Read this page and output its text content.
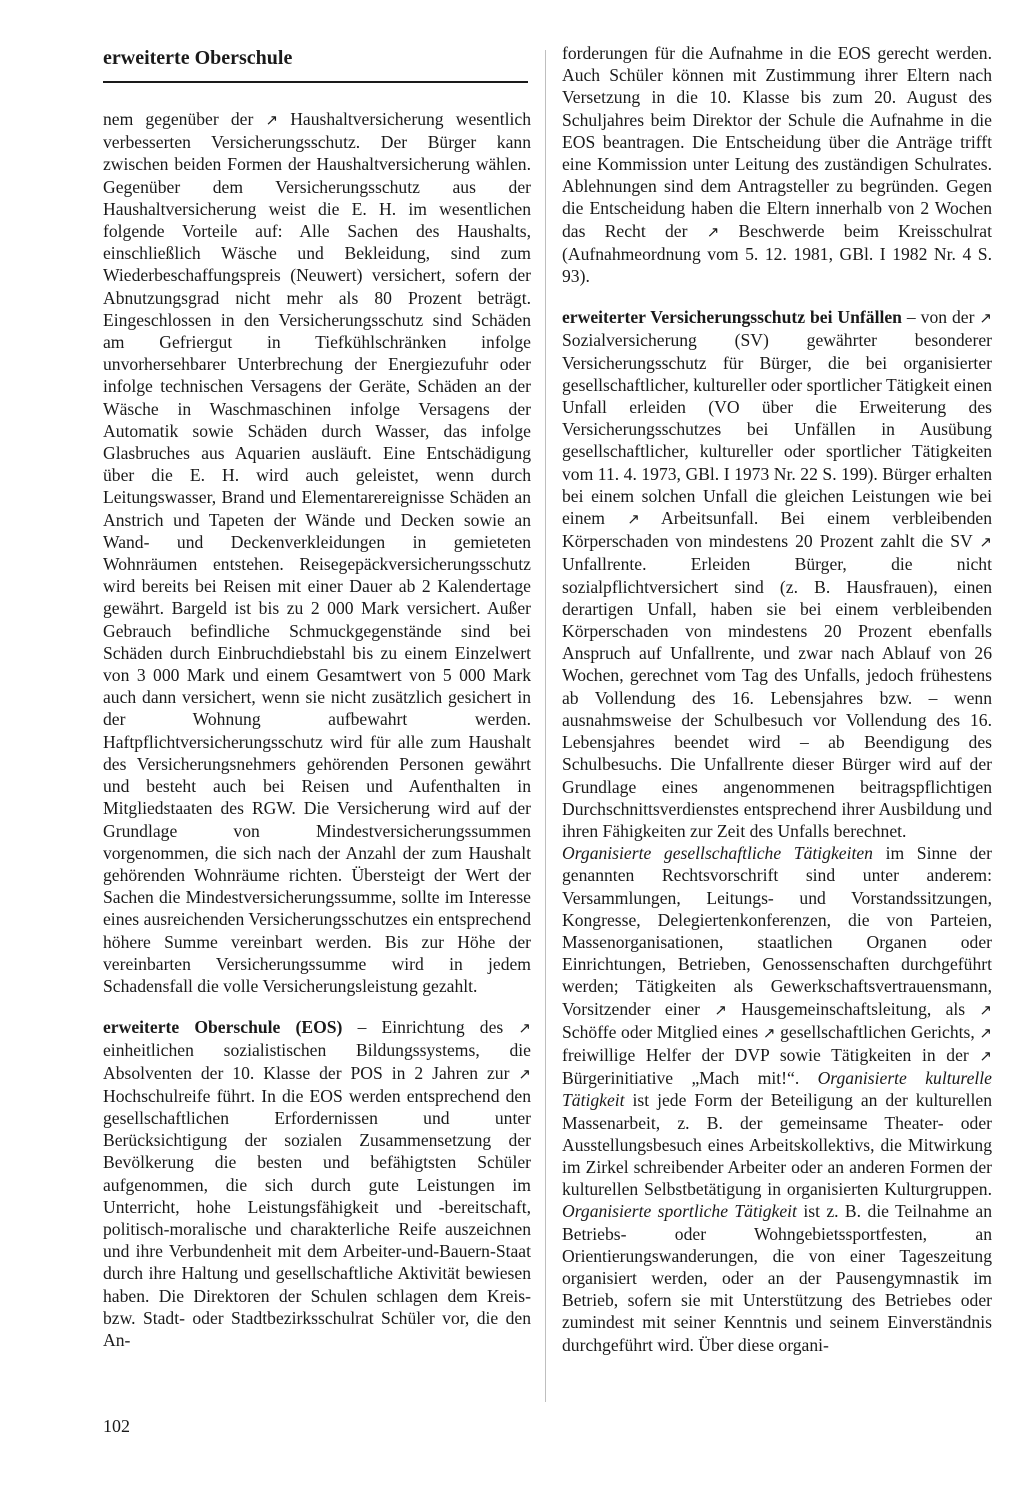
erweiterte Oberschule

nem gegenüber der ↗ Haushaltversicherung wesentlich verbesserten Versicherungsschutz. Der Bürger kann zwischen beiden Formen der Haushaltversicherung wählen. Gegenüber dem Versicherungsschutz aus der Haushaltversicherung weist die E. H. im wesentlichen folgende Vorteile auf: Alle Sachen des Haushalts, einschließlich Wäsche und Bekleidung, sind zum Wiederbeschaffungspreis (Neuwert) versichert, sofern der Abnutzungsgrad nicht mehr als 80 Prozent beträgt. Eingeschlossen in den Versicherungsschutz sind Schäden am Gefriergut in Tiefkühlschränken infolge unvorhersehbarer Unterbrechung der Energiezufuhr oder infolge technischen Versagens der Geräte, Schäden an der Wäsche in Waschmaschinen infolge Versagens der Automatik sowie Schäden durch Wasser, das infolge Glasbruches aus Aquarien ausläuft. Eine Entschädigung über die E. H. wird auch geleistet, wenn durch Leitungswasser, Brand und Elementarereignisse Schäden an Anstrich und Tapeten der Wände und Decken sowie an Wand- und Deckenverkleidungen in gemieteten Wohnräumen entstehen. Reisegepäckversicherungsschutz wird bereits bei Reisen mit einer Dauer ab 2 Kalendertage gewährt. Bargeld ist bis zu 2 000 Mark versichert. Außer Gebrauch befindliche Schmuckgegenstände sind bei Schäden durch Einbruchdiebstahl bis zu einem Einzelwert von 3 000 Mark und einem Gesamtwert von 5 000 Mark auch dann versichert, wenn sie nicht zusätzlich gesichert in der Wohnung aufbewahrt werden. Haftpflichtversicherungsschutz wird für alle zum Haushalt des Versicherungsnehmers gehörenden Personen gewährt und besteht auch bei Reisen und Aufenthalten in Mitgliedstaaten des RGW. Die Versicherung wird auf der Grundlage von Mindestversicherungssummen vorgenommen, die sich nach der Anzahl der zum Haushalt gehörenden Wohnräume richten. Übersteigt der Wert der Sachen die Mindestversicherungssumme, sollte im Interesse eines ausreichenden Versicherungsschutzes ein entsprechend höhere Summe vereinbart werden. Bis zur Höhe der vereinbarten Versicherungssumme wird in jedem Schadensfall die volle Versicherungsleistung gezahlt.

erweiterte Oberschule (EOS) – Einrichtung des ↗ einheitlichen sozialistischen Bildungssystems, die Absolventen der 10. Klasse der POS in 2 Jahren zur ↗ Hochschulreife führt. In die EOS werden entsprechend den gesellschaftlichen Erfordernissen und unter Berücksichtigung der sozialen Zusammensetzung der Bevölkerung die besten und befähigtsten Schüler aufgenommen, die sich durch gute Leistungen im Unterricht, hohe Leistungsfähigkeit und -bereitschaft, politisch-moralische und charakterliche Reife auszeichnen und ihre Verbundenheit mit dem Arbeiter-und-Bauern-Staat durch ihre Haltung und gesellschaftliche Aktivität bewiesen haben. Die Direktoren der Schulen schlagen dem Kreis- bzw. Stadt- oder Stadtbezirksschulrat Schüler vor, die den An-

forderungen für die Aufnahme in die EOS gerecht werden. Auch Schüler können mit Zustimmung ihrer Eltern nach Versetzung in die 10. Klasse bis zum 20. August des Schuljahres beim Direktor der Schule die Aufnahme in die EOS beantragen. Die Entscheidung über die Anträge trifft eine Kommission unter Leitung des zuständigen Schulrates. Ablehnungen sind dem Antragsteller zu begründen. Gegen die Entscheidung haben die Eltern innerhalb von 2 Wochen das Recht der ↗ Beschwerde beim Kreisschulrat (Aufnahmeordnung vom 5. 12. 1981, GBl. I 1982 Nr. 4 S. 93).

erweiterter Versicherungsschutz bei Unfällen – von der ↗ Sozialversicherung (SV) gewährter besonderer Versicherungsschutz für Bürger, die bei organisierter gesellschaftlicher, kultureller oder sportlicher Tätigkeit einen Unfall erleiden (VO über die Erweiterung des Versicherungsschutzes bei Unfällen in Ausübung gesellschaftlicher, kultureller oder sportlicher Tätigkeiten vom 11. 4. 1973, GBl. I 1973 Nr. 22 S. 199). Bürger erhalten bei einem solchen Unfall die gleichen Leistungen wie bei einem ↗ Arbeitsunfall. Bei einem verbleibenden Körperschaden von mindestens 20 Prozent zahlt die SV ↗ Unfallrente. Erleiden Bürger, die nicht sozialpflichtversichert sind (z. B. Hausfrauen), einen derartigen Unfall, haben sie bei einem verbleibenden Körperschaden von mindestens 20 Prozent ebenfalls Anspruch auf Unfallrente, und zwar nach Ablauf von 26 Wochen, gerechnet vom Tag des Unfalls, jedoch frühestens ab Vollendung des 16. Lebensjahres bzw. – wenn ausnahmsweise der Schulbesuch vor Vollendung des 16. Lebensjahres beendet wird – ab Beendigung des Schulbesuchs. Die Unfallrente dieser Bürger wird auf der Grundlage eines angenommenen beitragspflichtigen Durchschnittsverdienstes entsprechend ihrer Ausbildung und ihren Fähigkeiten zur Zeit des Unfalls berechnet.

Organisierte gesellschaftliche Tätigkeiten im Sinne der genannten Rechtsvorschrift sind unter anderem: Versammlungen, Leitungs- und Vorstandssitzungen, Kongresse, Delegiertenkonferenzen, die von Parteien, Massenorganisationen, staatlichen Organen oder Einrichtungen, Betrieben, Genossenschaften durchgeführt werden; Tätigkeiten als Gewerkschaftsvertrauensmann, Vorsitzender einer ↗ Hausgemeinschaftsleitung, als ↗ Schöffe oder Mitglied eines ↗ gesellschaftlichen Gerichts, ↗ freiwillige Helfer der DVP sowie Tätigkeiten in der ↗ Bürgerinitiative „Mach mit!“. Organisierte kulturelle Tätigkeit ist jede Form der Beteiligung an der kulturellen Massenarbeit, z. B. der gemeinsame Theater- oder Ausstellungsbesuch eines Arbeitskollektivs, die Mitwirkung im Zirkel schreibender Arbeiter oder an anderen Formen der kulturellen Selbstbetätigung in organisierten Kulturgruppen. Organisierte sportliche Tätigkeit ist z. B. die Teilnahme an Betriebs- oder Wohngebietssportfesten, an Orientierungswanderungen, die von einer Tageszeitung organisiert werden, oder an der Pausengymnastik im Betrieb, sofern sie mit Unterstützung des Betriebes oder zumindest mit seiner Kenntnis und seinem Einverständnis durchgeführt wird. Über diese organi-

102
